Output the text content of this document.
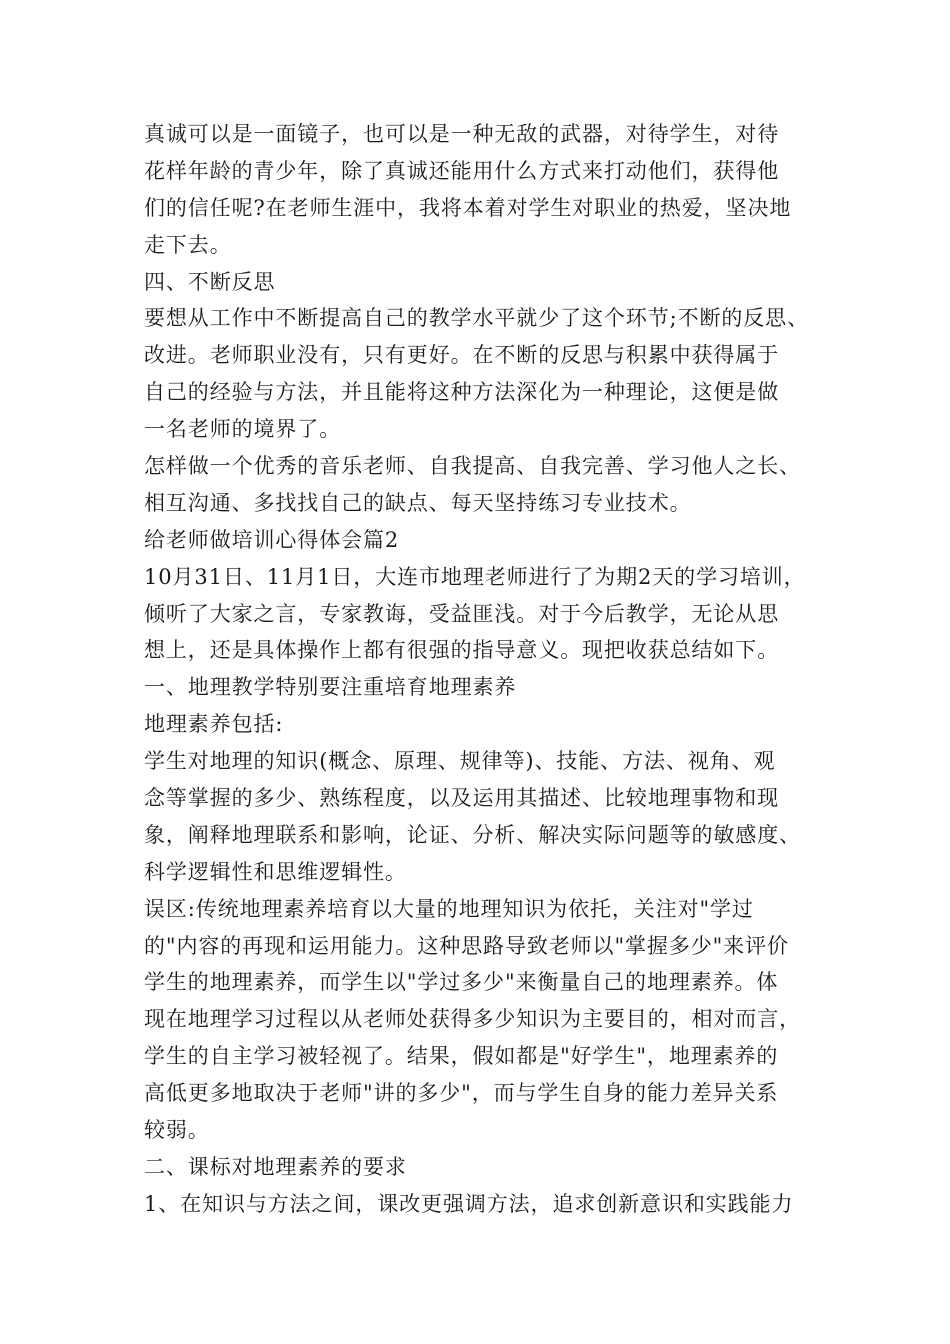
真诚可以是一面镜子，也可以是一种无敌的武器，对待学生，对待
花样年龄的青少年，除了真诚还能用什么方式来打动他们，获得他
们的信任呢?在老师生涯中，我将本着对学生对职业的热爱，坚决地
走下去。
四、不断反思
要想从工作中不断提高自己的教学水平就少了这个环节;不断的反思、
改进。老师职业没有，只有更好。在不断的反思与积累中获得属于
自己的经验与方法，并且能将这种方法深化为一种理论，这便是做
一名老师的境界了。
怎样做一个优秀的音乐老师、自我提高、自我完善、学习他人之长、
相互沟通、多找找自己的缺点、每天坚持练习专业技术。
给老师做培训心得体会篇2
10月31日、11月1日，大连市地理老师进行了为期2天的学习培训，
倾听了大家之言，专家教诲，受益匪浅。对于今后教学，无论从思
想上，还是具体操作上都有很强的指导意义。现把收获总结如下。
一、地理教学特别要注重培育地理素养
地理素养包括:
学生对地理的知识(概念、原理、规律等)、技能、方法、视角、观
念等掌握的多少、熟练程度，以及运用其描述、比较地理事物和现
象，阐释地理联系和影响，论证、分析、解决实际问题等的敏感度、
科学逻辑性和思维逻辑性。
误区:传统地理素养培育以大量的地理知识为依托，关注对"学过
的"内容的再现和运用能力。这种思路导致老师以"掌握多少"来评价
学生的地理素养，而学生以"学过多少"来衡量自己的地理素养。体
现在地理学习过程以从老师处获得多少知识为主要目的，相对而言，
学生的自主学习被轻视了。结果，假如都是"好学生"，地理素养的
高低更多地取决于老师"讲的多少"，而与学生自身的能力差异关系
较弱。
二、课标对地理素养的要求
1、在知识与方法之间，课改更强调方法，追求创新意识和实践能力
